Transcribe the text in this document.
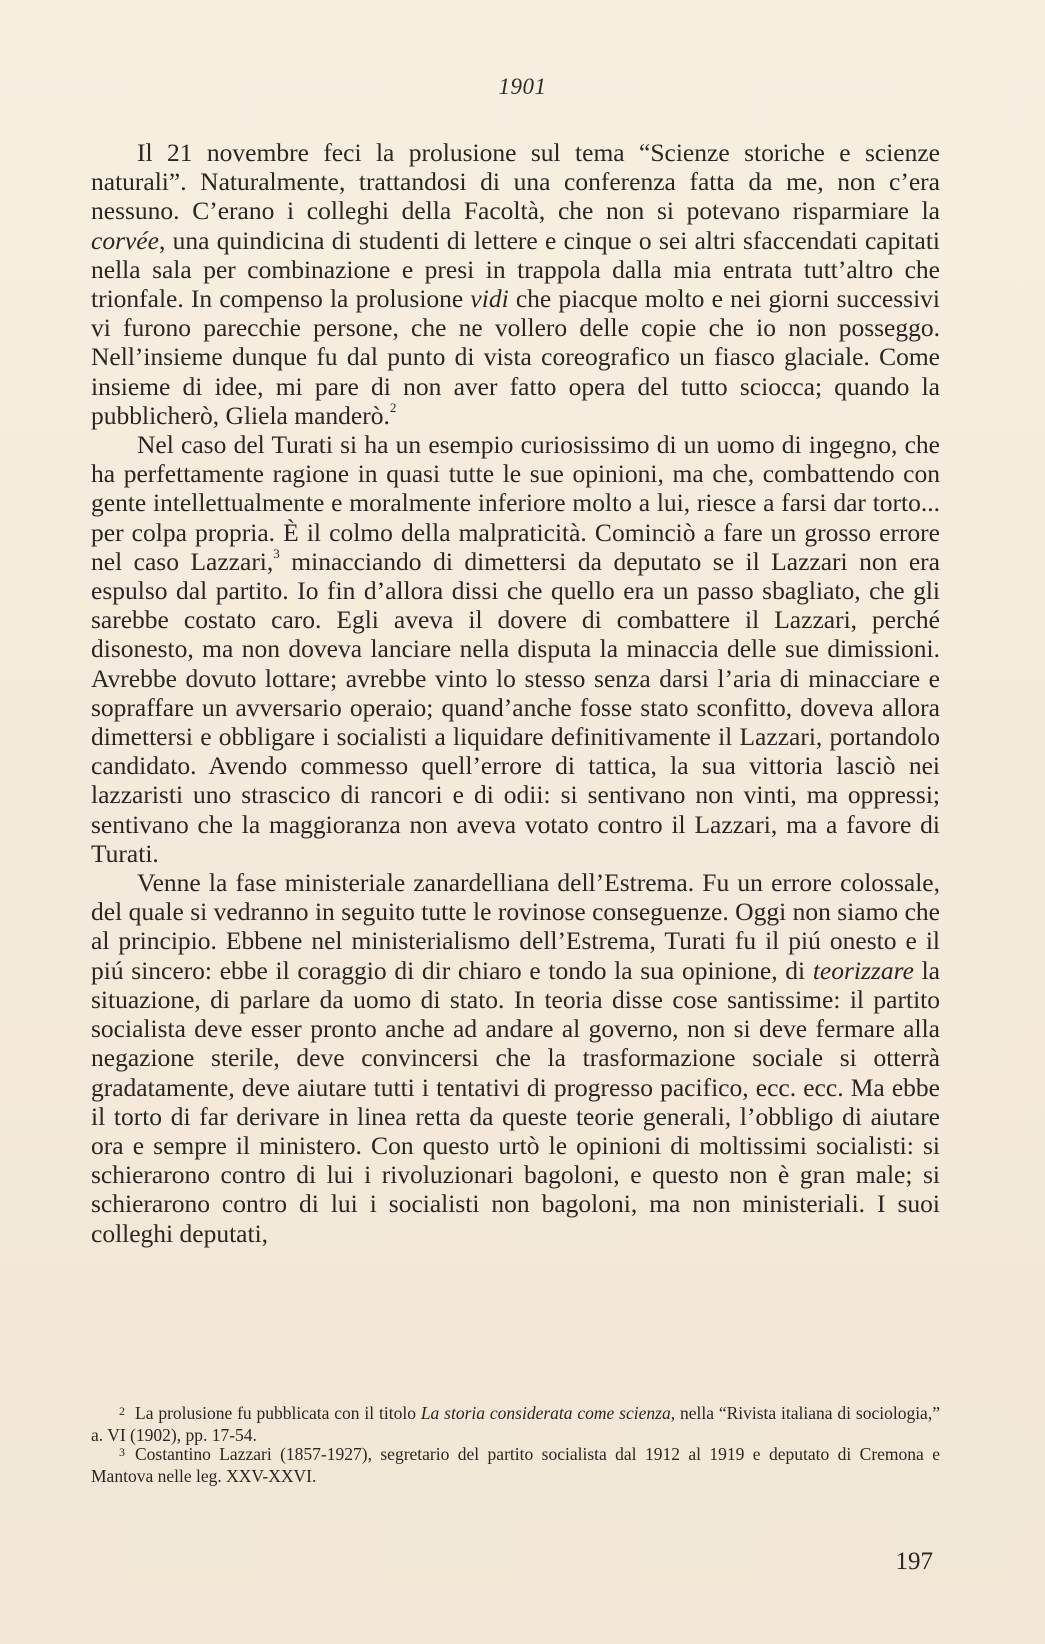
1901

Il 21 novembre feci la prolusione sul tema “Scienze storiche e scienze naturali”. Naturalmente, trattandosi di una conferenza fatta da me, non c’era nessuno. C’erano i colleghi della Facoltà, che non si potevano risparmiare la corvée, una quindicina di studenti di lettere e cinque o sei altri sfaccendati capitati nella sala per combinazione e presi in trappola dalla mia entrata tutt’altro che trionfale. In compenso la prolusione vidi che piacque molto e nei giorni successivi vi furono parecchie persone, che ne vollero delle copie che io non posseggo. Nell’insieme dunque fu dal punto di vista coreografico un fiasco glaciale. Come insieme di idee, mi pare di non aver fatto opera del tutto sciocca; quando la pubblicherò, Gliela manderò.$^2$

Nel caso del Turati si ha un esempio curiosissimo di un uomo di ingegno, che ha perfettamente ragione in quasi tutte le sue opinioni, ma che, combattendo con gente intellettualmente e moralmente inferiore molto a lui, riesce a farsi dar torto... per colpa propria. È il colmo della malpraticità. Cominciò a fare un grosso errore nel caso Lazzari,$^3$ minacciando di dimettersi da deputato se il Lazzari non era espulso dal partito. Io fin d’allora dissi che quello era un passo sbagliato, che gli sarebbe costato caro. Egli aveva il dovere di combattere il Lazzari, perché disonesto, ma non doveva lanciare nella disputa la minaccia delle sue dimissioni. Avrebbe dovuto lottare; avrebbe vinto lo stesso senza darsi l’aria di minacciare e sopraffare un avversario operaio; quand’anche fosse stato sconfitto, doveva allora dimettersi e obbligare i socialisti a liquidare definitivamente il Lazzari, portandolo candidato. Avendo commesso quell’errore di tattica, la sua vittoria lasciò nei lazzaristi uno strascico di rancori e di odii: si sentivano non vinti, ma oppressi; sentivano che la maggioranza non aveva votato contro il Lazzari, ma a favore di Turati.

Venne la fase ministeriale zanardelliana dell’Estrema. Fu un errore colossale, del quale si vedranno in seguito tutte le rovinose conseguenze. Oggi non siamo che al principio. Ebbene nel ministerialismo dell’Estrema, Turati fu il piú onesto e il piú sincero: ebbe il coraggio di dir chiaro e tondo la sua opinione, di teorizzare la situazione, di parlare da uomo di stato. In teoria disse cose santissime: il partito socialista deve esser pronto anche ad andare al governo, non si deve fermare alla negazione sterile, deve convincersi che la trasformazione sociale si otterrà gradatamente, deve aiutare tutti i tentativi di progresso pacifico, ecc. ecc. Ma ebbe il torto di far derivare in linea retta da queste teorie generali, l’obbligo di aiutare ora e sempre il ministero. Con questo urtò le opinioni di moltissimi socialisti: si schierarono contro di lui i rivoluzionari bagoloni, e questo non è gran male; si schierarono contro di lui i socialisti non bagoloni, ma non ministeriali. I suoi colleghi deputati,

$^2$ La prolusione fu pubblicata con il titolo La storia considerata come scienza, nella “Rivista italiana di sociologia,” a. VI (1902), pp. 17-54.

$^3$ Costantino Lazzari (1857-1927), segretario del partito socialista dal 1912 al 1919 e deputato di Cremona e Mantova nelle leg. XXV-XXVI.

197
